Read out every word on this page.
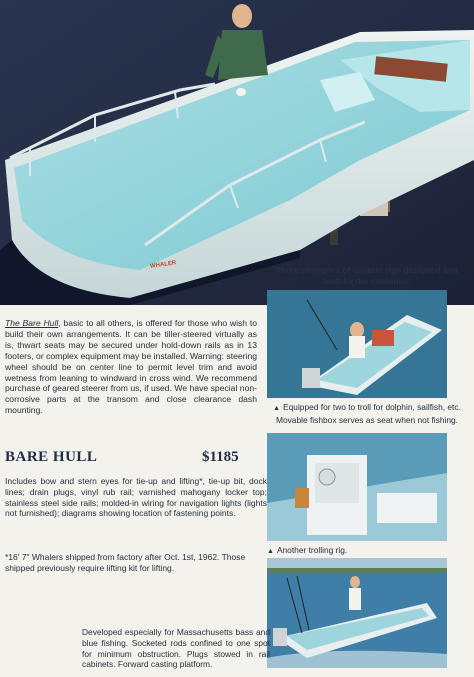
WHALER	Three examples of custom rigs designed and built by the customer.
The Bare Hull, basic to all others, is offered for those who wish to build their own arrangements. It can be tiller-steered virtually as is, thwart seats may be secured under hold-down rails as in 13 footers, or complex equipment may be installed. Warning: steering wheel should be on center line to permit level trim and avoid wetness from leaning to windward in cross wind. We recommend purchase of geared steerer from us, if used. We have special non-corrosive parts at the transom and close clearance dash mounting.
BARE HULL	$1185
Includes bow and stern eyes for tie-up and lifting*, tie-up bit, dock lines; drain plugs, vinyl rub rail; varnished mahogany locker top; stainless steel side rails; molded-in wiring for navigation lights (lights not furnished); diagrams showing location of fastening points.
*16' 7" Whalers shipped from factory after Oct. 1st, 1962. Those shipped previously require lifting kit for lifting.
▲ Equipped for two to troll for dolphin, sailfish, etc. Movable fishbox serves as seat when not fishing.
▲ Another trolling rig.
Developed especially for Massachusetts bass and blue fishing. Socketed rods confined to one spot for minimum obstruction. Plugs stowed in rail cabinets. Forward casting platform.
